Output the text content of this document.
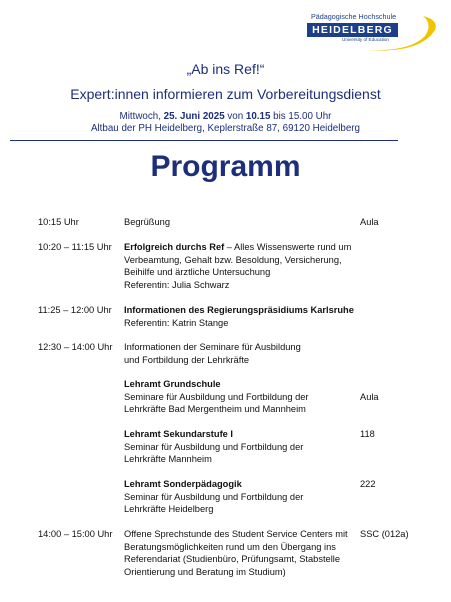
Pädagogische Hochschule
HEIDELBERG
University of Education
„Ab ins Ref!“
Expert:innen informieren zum Vorbereitungsdienst
Mittwoch, 25. Juni 2025 von 10.15 bis 15.00 Uhr
Altbau der PH Heidelberg, Keplerstraße 87, 69120 Heidelberg
Programm
10:15 Uhr	Begrüßung	Aula
10:20 – 11:15 Uhr Erfolgreich durchs Ref – Alles Wissenswerte rund um
Verbeamtung, Gehalt bzw. Besoldung, Versicherung,
Beihilfe und ärztliche Untersuchung
Referentin: Julia Schwarz
11:25 – 12:00 Uhr Informationen des Regierungspräsidiums Karlsruhe
Referentin: Katrin Stange
12:30 – 14:00 Uhr Informationen der Seminare für Ausbildung
und Fortbildung der Lehrkräfte
Lehramt Grundschule
Seminare für Ausbildung und Fortbildung der
Lehrkräfte Bad Mergentheim und Mannheim
Aula
Lehramt Sekundarstufe I
Seminar für Ausbildung und Fortbildung der
Lehrkräfte Mannheim
118
Lehramt Sonderpädagogik
Seminar für Ausbildung und Fortbildung der
Lehrkräfte Heidelberg
222
14:00 – 15:00 Uhr Offene Sprechstunde des Student Service Centers mit
Beratungsmöglichkeiten rund um den Übergang ins
Referendariat (Studienbüro, Prüfungsamt, Stabstelle
Orientierung und Beratung im Studium)
SSC (012a)
